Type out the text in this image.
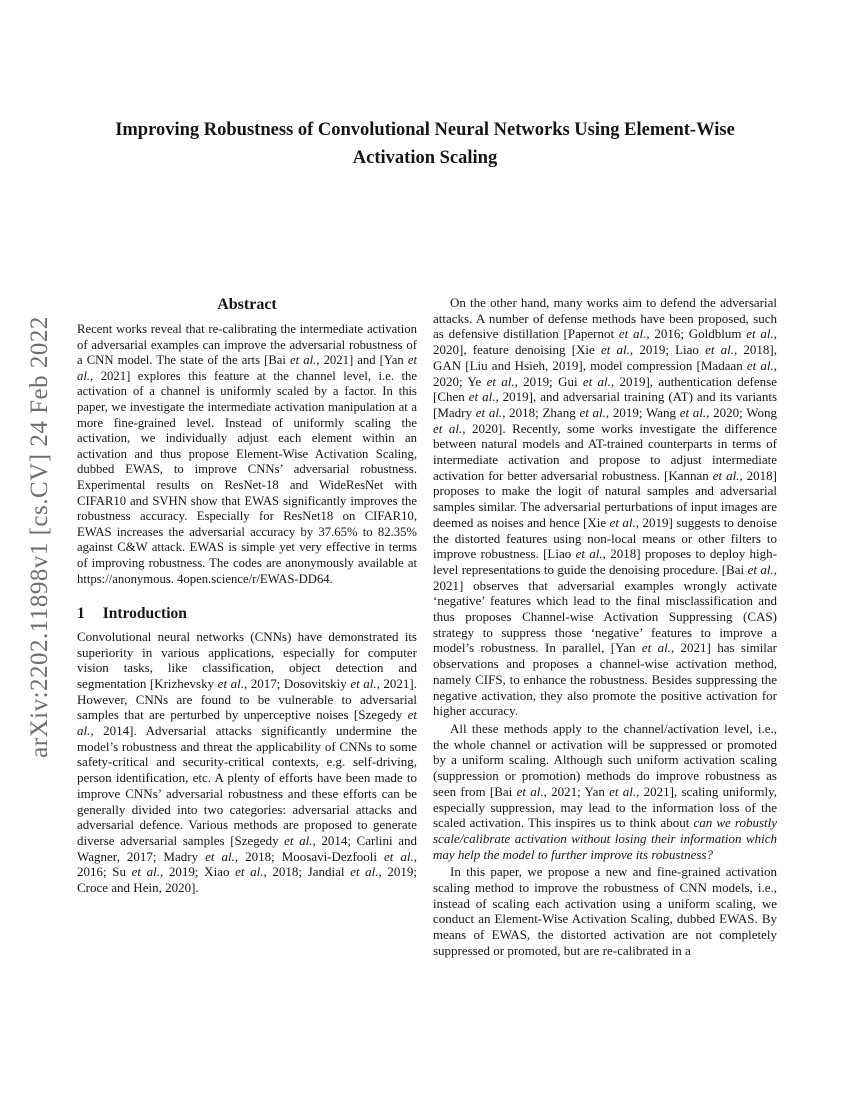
arXiv:2202.11898v1 [cs.CV] 24 Feb 2022
Improving Robustness of Convolutional Neural Networks Using Element-Wise
Activation Scaling
Abstract
Recent works reveal that re-calibrating the intermediate activation of adversarial examples can improve the adversarial robustness of a CNN model. The state of the arts [Bai et al., 2021] and [Yan et al., 2021] explores this feature at the channel level, i.e. the activation of a channel is uniformly scaled by a factor. In this paper, we investigate the intermediate activation manipulation at a more fine-grained level. Instead of uniformly scaling the activation, we individually adjust each element within an activation and thus propose Element-Wise Activation Scaling, dubbed EWAS, to improve CNNs’ adversarial robustness. Experimental results on ResNet-18 and WideResNet with CIFAR10 and SVHN show that EWAS significantly improves the robustness accuracy. Especially for ResNet18 on CIFAR10, EWAS increases the adversarial accuracy by 37.65% to 82.35% against C&W attack. EWAS is simple yet very effective in terms of improving robustness. The codes are anonymously available at https://anonymous. 4open.science/r/EWAS-DD64.
1 Introduction
Convolutional neural networks (CNNs) have demonstrated its superiority in various applications, especially for computer vision tasks, like classification, object detection and segmentation [Krizhevsky et al., 2017; Dosovitskiy et al., 2021]. However, CNNs are found to be vulnerable to adversarial samples that are perturbed by unperceptive noises [Szegedy et al., 2014]. Adversarial attacks significantly undermine the model’s robustness and threat the applicability of CNNs to some safety-critical and security-critical contexts, e.g. self-driving, person identification, etc. A plenty of efforts have been made to improve CNNs’ adversarial robustness and these efforts can be generally divided into two categories: adversarial attacks and adversarial defence. Various methods are proposed to generate diverse adversarial samples [Szegedy et al., 2014; Carlini and Wagner, 2017; Madry et al., 2018; Moosavi-Dezfooli et al., 2016; Su et al., 2019; Xiao et al., 2018; Jandial et al., 2019; Croce and Hein, 2020].
On the other hand, many works aim to defend the adversarial attacks. A number of defense methods have been proposed, such as defensive distillation [Papernot et al., 2016; Goldblum et al., 2020], feature denoising [Xie et al., 2019; Liao et al., 2018], GAN [Liu and Hsieh, 2019], model compression [Madaan et al., 2020; Ye et al., 2019; Gui et al., 2019], authentication defense [Chen et al., 2019], and adversarial training (AT) and its variants [Madry et al., 2018; Zhang et al., 2019; Wang et al., 2020; Wong et al., 2020]. Recently, some works investigate the difference between natural models and AT-trained counterparts in terms of intermediate activation and propose to adjust intermediate activation for better adversarial robustness. [Kannan et al., 2018] proposes to make the logit of natural samples and adversarial samples similar. The adversarial perturbations of input images are deemed as noises and hence [Xie et al., 2019] suggests to denoise the distorted features using non-local means or other filters to improve robustness. [Liao et al., 2018] proposes to deploy high-level representations to guide the denoising procedure. [Bai et al., 2021] observes that adversarial examples wrongly activate ‘negative’ features which lead to the final misclassification and thus proposes Channel-wise Activation Suppressing (CAS) strategy to suppress those ‘negative’ features to improve a model’s robustness. In parallel, [Yan et al., 2021] has similar observations and proposes a channel-wise activation method, namely CIFS, to enhance the robustness. Besides suppressing the negative activation, they also promote the positive activation for higher accuracy.
All these methods apply to the channel/activation level, i.e., the whole channel or activation will be suppressed or promoted by a uniform scaling. Although such uniform activation scaling (suppression or promotion) methods do improve robustness as seen from [Bai et al., 2021; Yan et al., 2021], scaling uniformly, especially suppression, may lead to the information loss of the scaled activation. This inspires us to think about can we robustly scale/calibrate activation without losing their information which may help the model to further improve its robustness?
In this paper, we propose a new and fine-grained activation scaling method to improve the robustness of CNN models, i.e., instead of scaling each activation using a uniform scaling, we conduct an Element-Wise Activation Scaling, dubbed EWAS. By means of EWAS, the distorted activation are not completely suppressed or promoted, but are re-calibrated in a
